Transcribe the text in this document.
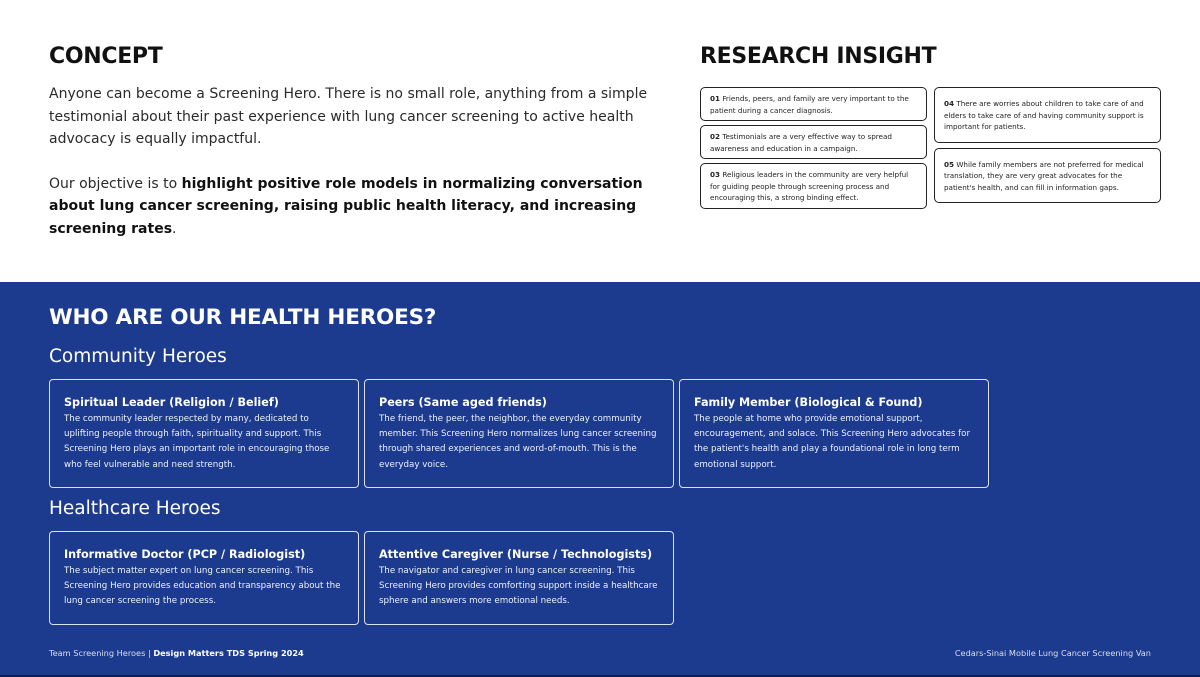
CONCEPT

Anyone can become a Screening Hero. There is no small role, anything from a simple testimonial about their past experience with lung cancer screening to active health advocacy is equally impactful.

Our objective is to highlight positive role models in normalizing conversation about lung cancer screening, raising public health literacy, and increasing screening rates.

RESEARCH INSIGHT
01 Friends, peers, and family are very important to the patient during a cancer diagnosis.
02 Testimonials are a very effective way to spread awareness and education in a campaign.
03 Religious leaders in the community are very helpful for guiding people through screening process and encouraging this, a strong binding effect.
04 There are worries about children to take care of and elders to take care of and having community support is important for patients.
05 While family members are not preferred for medical translation, they are very great advocates for the patient's health, and can fill in information gaps.
WHO ARE OUR HEALTH HEROES?
Community Heroes
Spiritual Leader (Religion / Belief)
The community leader respected by many, dedicated to uplifting people through faith, spirituality and support. This Screening Hero plays an important role in encouraging those who feel vulnerable and need strength.
Peers (Same aged friends)
The friend, the peer, the neighbor, the everyday community member. This Screening Hero normalizes lung cancer screening through shared experiences and word-of-mouth. This is the everyday voice.
Family Member (Biological & Found)
The people at home who provide emotional support, encouragement, and solace. This Screening Hero advocates for the patient's health and play a foundational role in long term emotional support.
Healthcare Heroes
Informative Doctor (PCP / Radiologist)
The subject matter expert on lung cancer screening. This Screening Hero provides education and transparency about the lung cancer screening the process.
Attentive Caregiver (Nurse / Technologists)
The navigator and caregiver in lung cancer screening. This Screening Hero provides comforting support inside a healthcare sphere and answers more emotional needs.
Team Screening Heroes | Design Matters TDS Spring 2024	Cedars-Sinai Mobile Lung Cancer Screening Van
